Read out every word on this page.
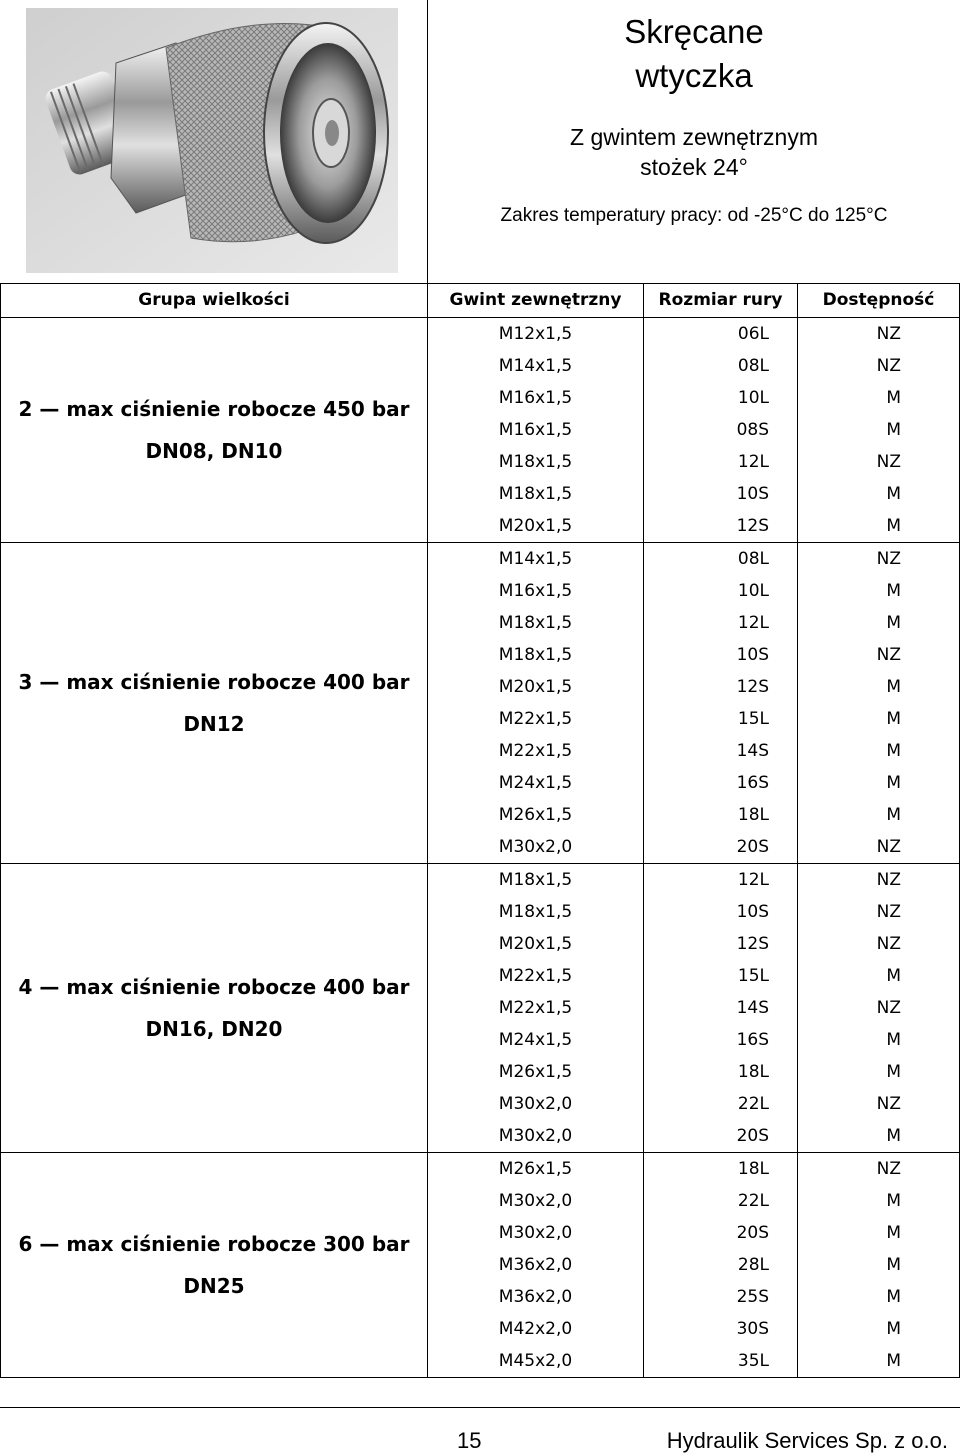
Skręcane
wtyczka
Z gwintem zewnętrznym
stożek 24°
Zakres temperatury pracy: od -25°C do 125°C
Grupa wielkości	Gwint zewnętrzny	Rozmiar rury	Dostępność

2 — max ciśnienie robocze 450 bar
DN08, DN10	M12x1,5	06L	NZ
	M14x1,5	08L	NZ
	M16x1,5	10L	M
	M16x1,5	08S	M
	M18x1,5	12L	NZ
	M18x1,5	10S	M
	M20x1,5	12S	M

3 — max ciśnienie robocze 400 bar
DN12	M14x1,5	08L	NZ
	M16x1,5	10L	M
	M18x1,5	12L	M
	M18x1,5	10S	NZ
	M20x1,5	12S	M
	M22x1,5	15L	M
	M22x1,5	14S	M
	M24x1,5	16S	M
	M26x1,5	18L	M
	M30x2,0	20S	NZ

4 — max ciśnienie robocze 400 bar
DN16, DN20	M18x1,5	12L	NZ
	M18x1,5	10S	NZ
	M20x1,5	12S	NZ
	M22x1,5	15L	M
	M22x1,5	14S	NZ
	M24x1,5	16S	M
	M26x1,5	18L	M
	M30x2,0	22L	NZ
	M30x2,0	20S	M

6 — max ciśnienie robocze 300 bar
DN25	M26x1,5	18L	NZ
	M30x2,0	22L	M
	M30x2,0	20S	M
	M36x2,0	28L	M
	M36x2,0	25S	M
	M42x2,0	30S	M
	M45x2,0	35L	M
15	Hydraulik Services Sp. z o.o.
